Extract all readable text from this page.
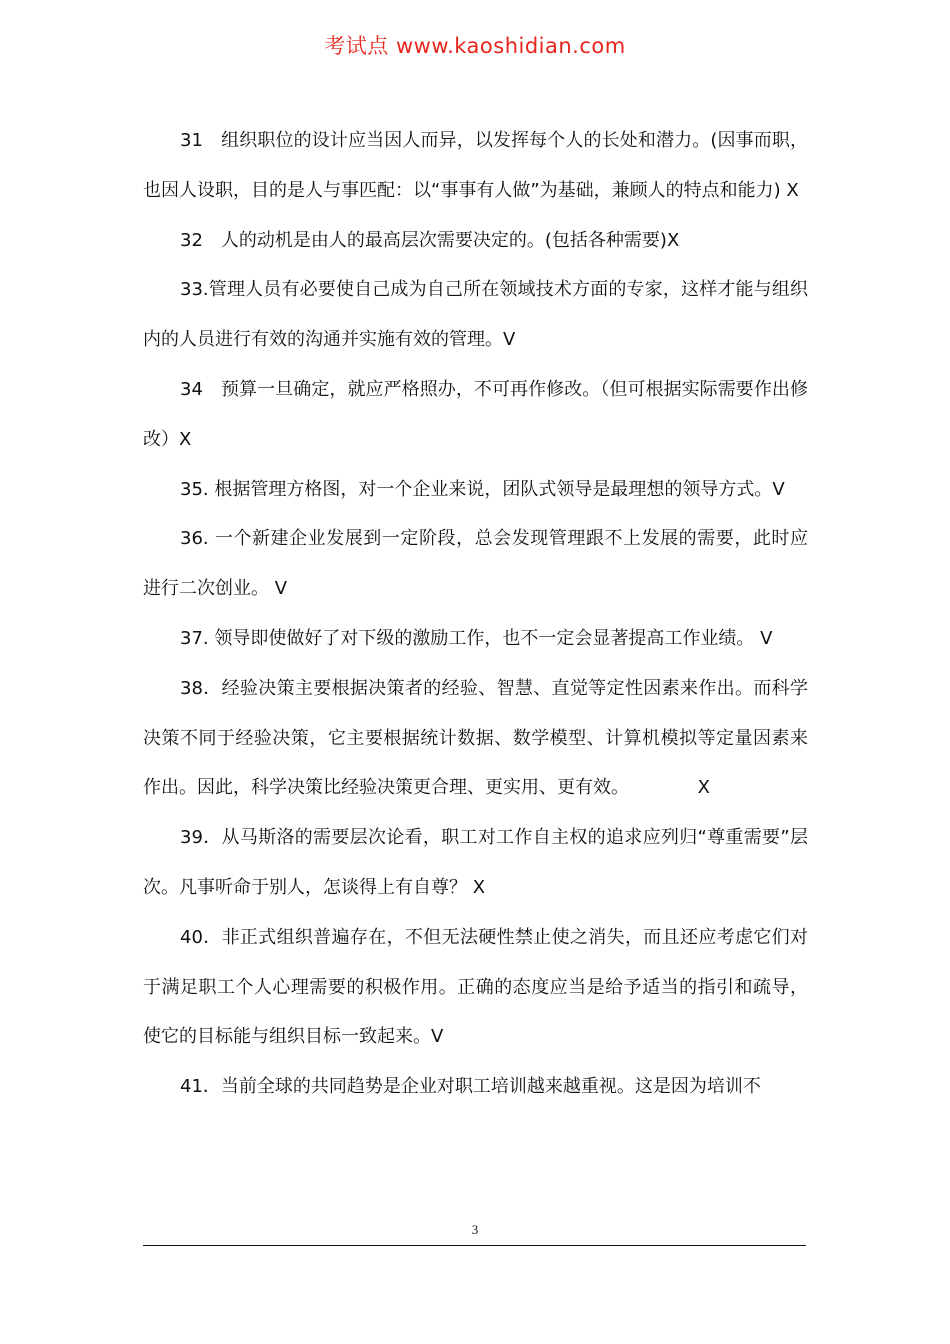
考试点 www.kaoshidian.com

31　组织职位的设计应当因人而异，以发挥每个人的长处和潜力。(因事而职，也因人设职，目的是人与事匹配：以“事事有人做”为基础，兼顾人的特点和能力) X

32　人的动机是由人的最高层次需要决定的。(包括各种需要)X

33.管理人员有必要使自己成为自己所在领域技术方面的专家，这样才能与组织内的人员进行有效的沟通并实施有效的管理。V

34　预算一旦确定，就应严格照办，不可再作修改。（但可根据实际需要作出修改）X

35. 根据管理方格图，对一个企业来说，团队式领导是最理想的领导方式。V

36. 一个新建企业发展到一定阶段，总会发现管理跟不上发展的需要，此时应进行二次创业。 V

37. 领导即使做好了对下级的激励工作，也不一定会显著提高工作业绩。 V

38．经验决策主要根据决策者的经验、智慧、直觉等定性因素来作出。而科学决策不同于经验决策，它主要根据统计数据、数学模型、计算机模拟等定量因素来作出。因此，科学决策比经验决策更合理、更实用、更有效。	X

39．从马斯洛的需要层次论看，职工对工作自主权的追求应列归“尊重需要”层次。凡事听命于别人，怎谈得上有自尊？ X

40．非正式组织普遍存在，不但无法硬性禁止使之消失，而且还应考虑它们对于满足职工个人心理需要的积极作用。正确的态度应当是给予适当的指引和疏导，使它的目标能与组织目标一致起来。V

41．当前全球的共同趋势是企业对职工培训越来越重视。这是因为培训不

3
